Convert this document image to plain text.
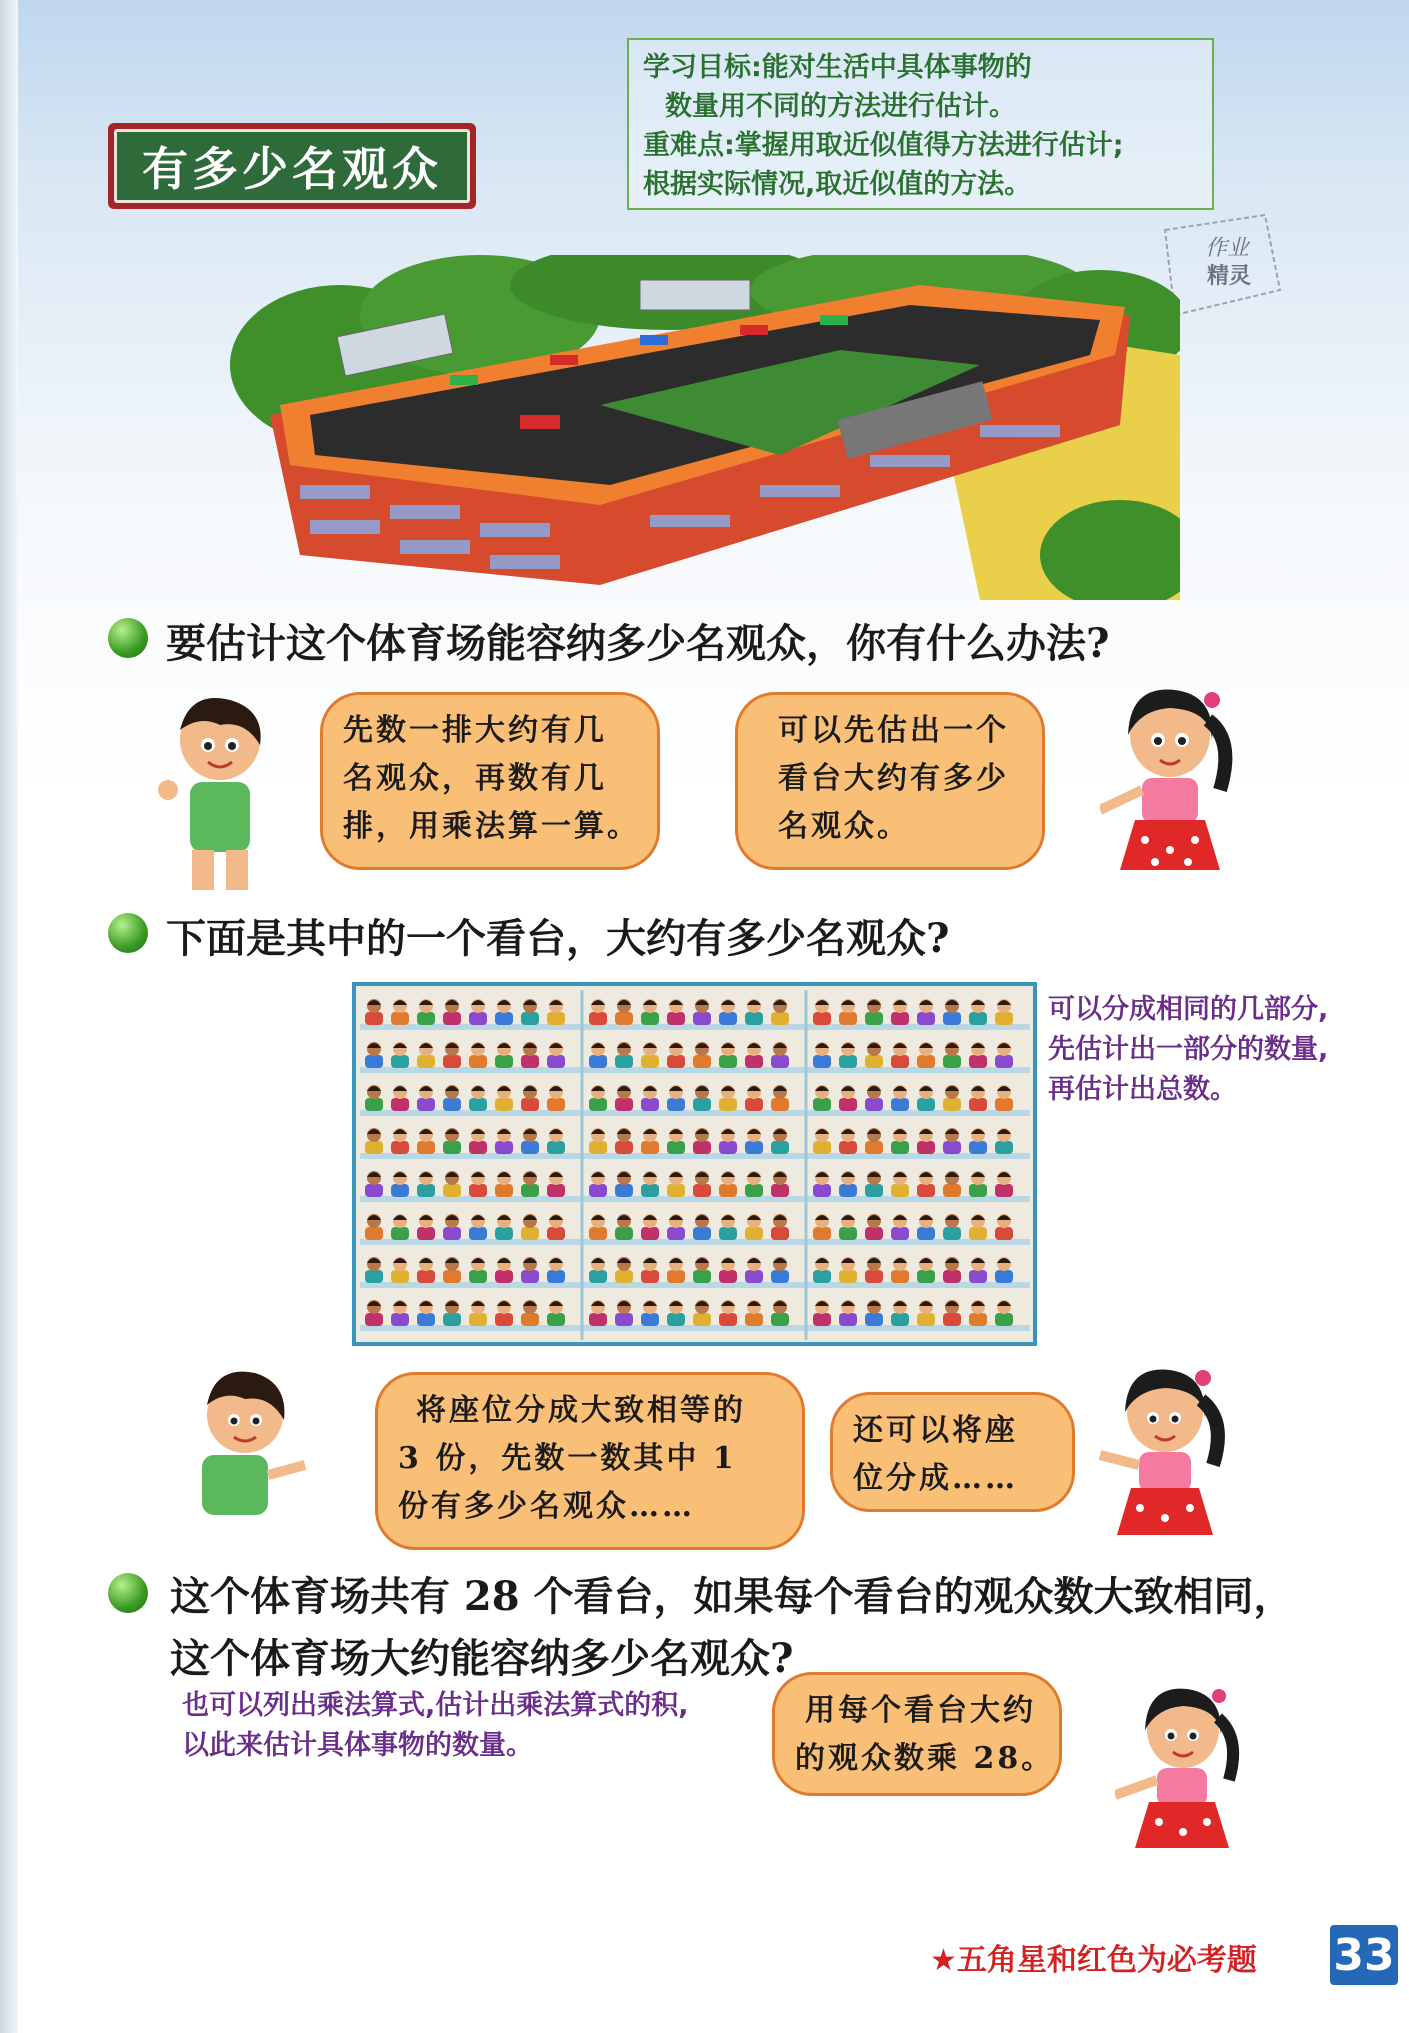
有多少名观众

学习目标:能对生活中具体事物的

数量用不同的方法进行估计。

重难点:掌握用取近似值得方法进行估计;

根据实际情况,取近似值的方法。

作业
精灵
要估计这个体育场能容纳多少名观众，你有什么办法?

先数一排大约有几

名观众，再数有几

排，用乘法算一算。

可以先估出一个

看台大约有多少

名观众。

下面是其中的一个看台，大约有多少名观众?

可以分成相同的几部分,

先估计出一部分的数量,

再估计出总数。

将座位分成大致相等的

3 份，先数一数其中 1

份有多少名观众……

还可以将座

位分成……

这个体育场共有 28 个看台，如果每个看台的观众数大致相同，

这个体育场大约能容纳多少名观众?

也可以列出乘法算式,估计出乘法算式的积,

以此来估计具体事物的数量。

用每个看台大约

的观众数乘 28。

★五角星和红色为必考题 33
